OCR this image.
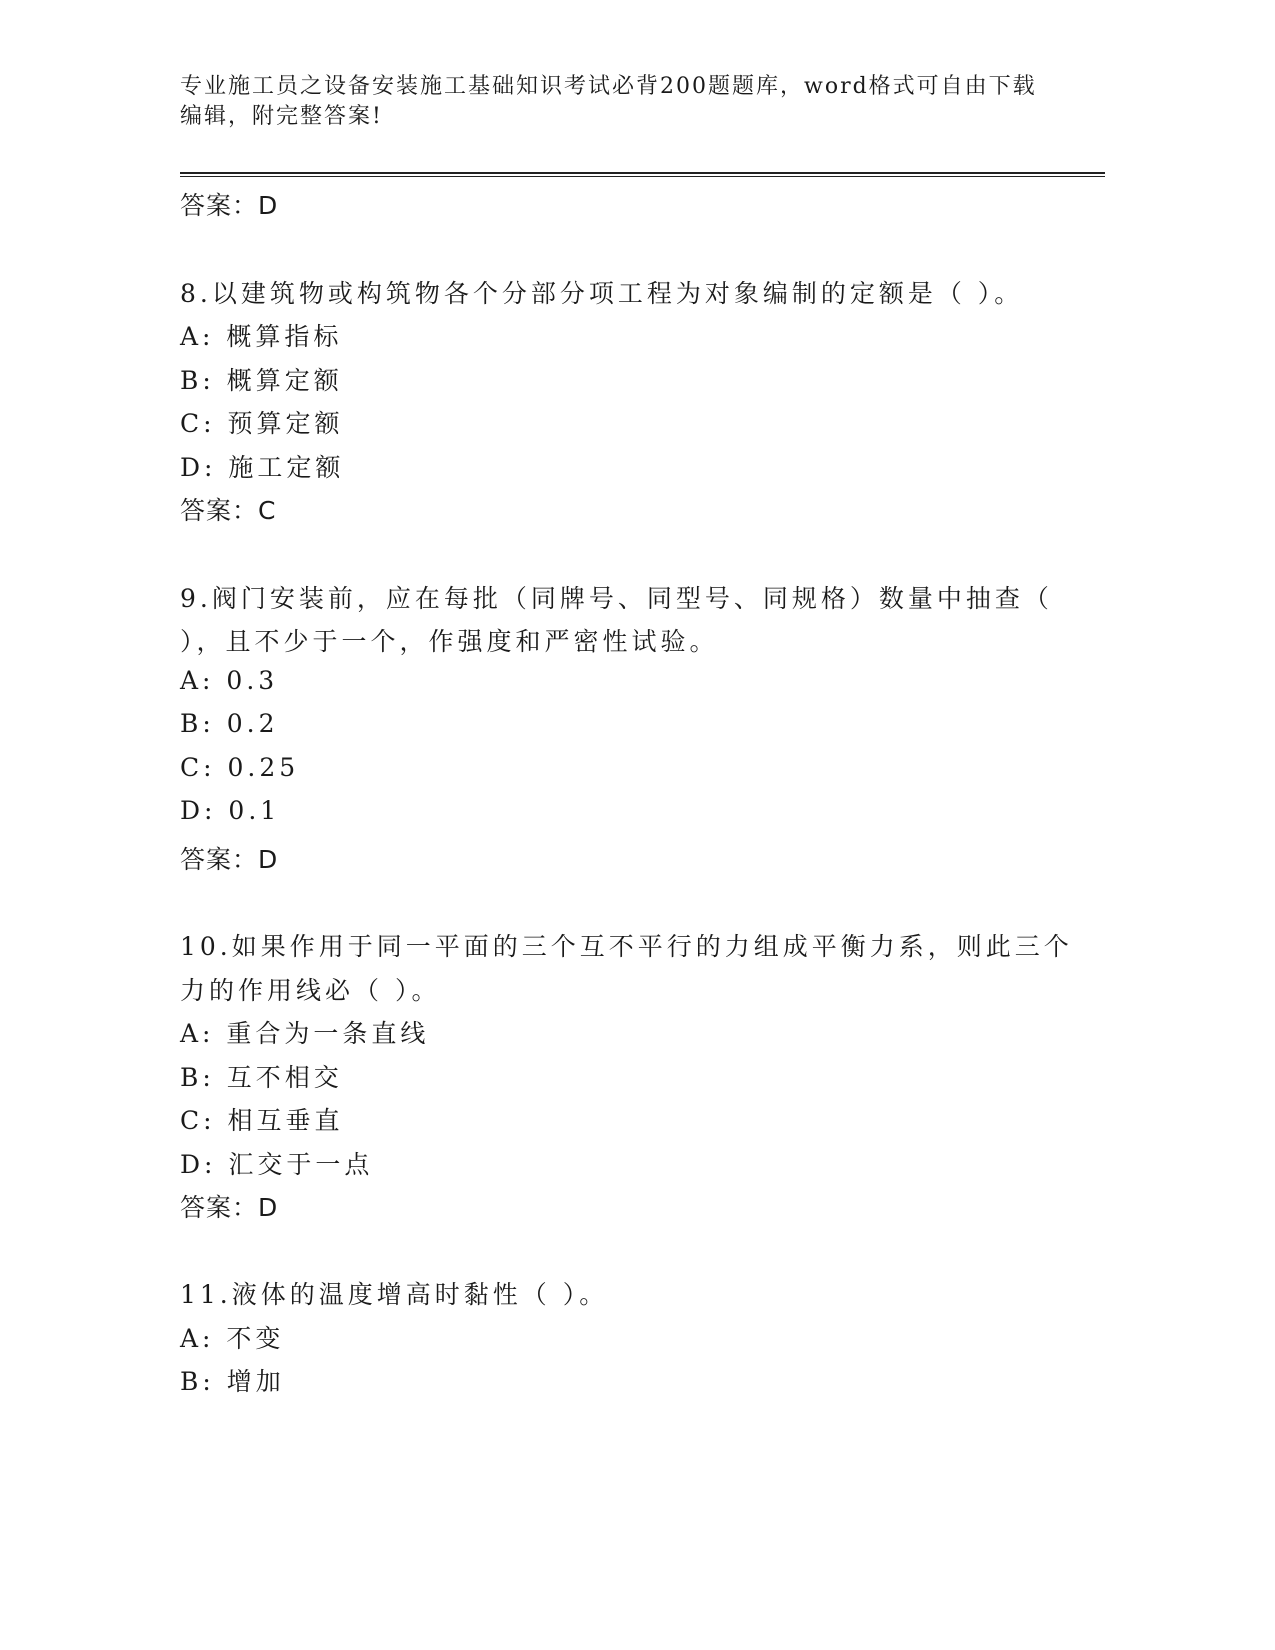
专业施工员之设备安装施工基础知识考试必背200题题库，word格式可自由下载
编辑，附完整答案!
答案：D
8.以建筑物或构筑物各个分部分项工程为对象编制的定额是（ ）。
A: 概算指标
B: 概算定额
C: 预算定额
D: 施工定额
答案：C
9.阀门安装前，应在每批（同牌号、同型号、同规格）数量中抽查（
），且不少于一个，作强度和严密性试验。
A: 0.3
B: 0.2
C: 0.25
D: 0.1
答案：D
10.如果作用于同一平面的三个互不平行的力组成平衡力系，则此三个
力的作用线必（ ）。
A: 重合为一条直线
B: 互不相交
C: 相互垂直
D: 汇交于一点
答案：D
11.液体的温度增高时黏性（ ）。
A: 不变
B: 增加
